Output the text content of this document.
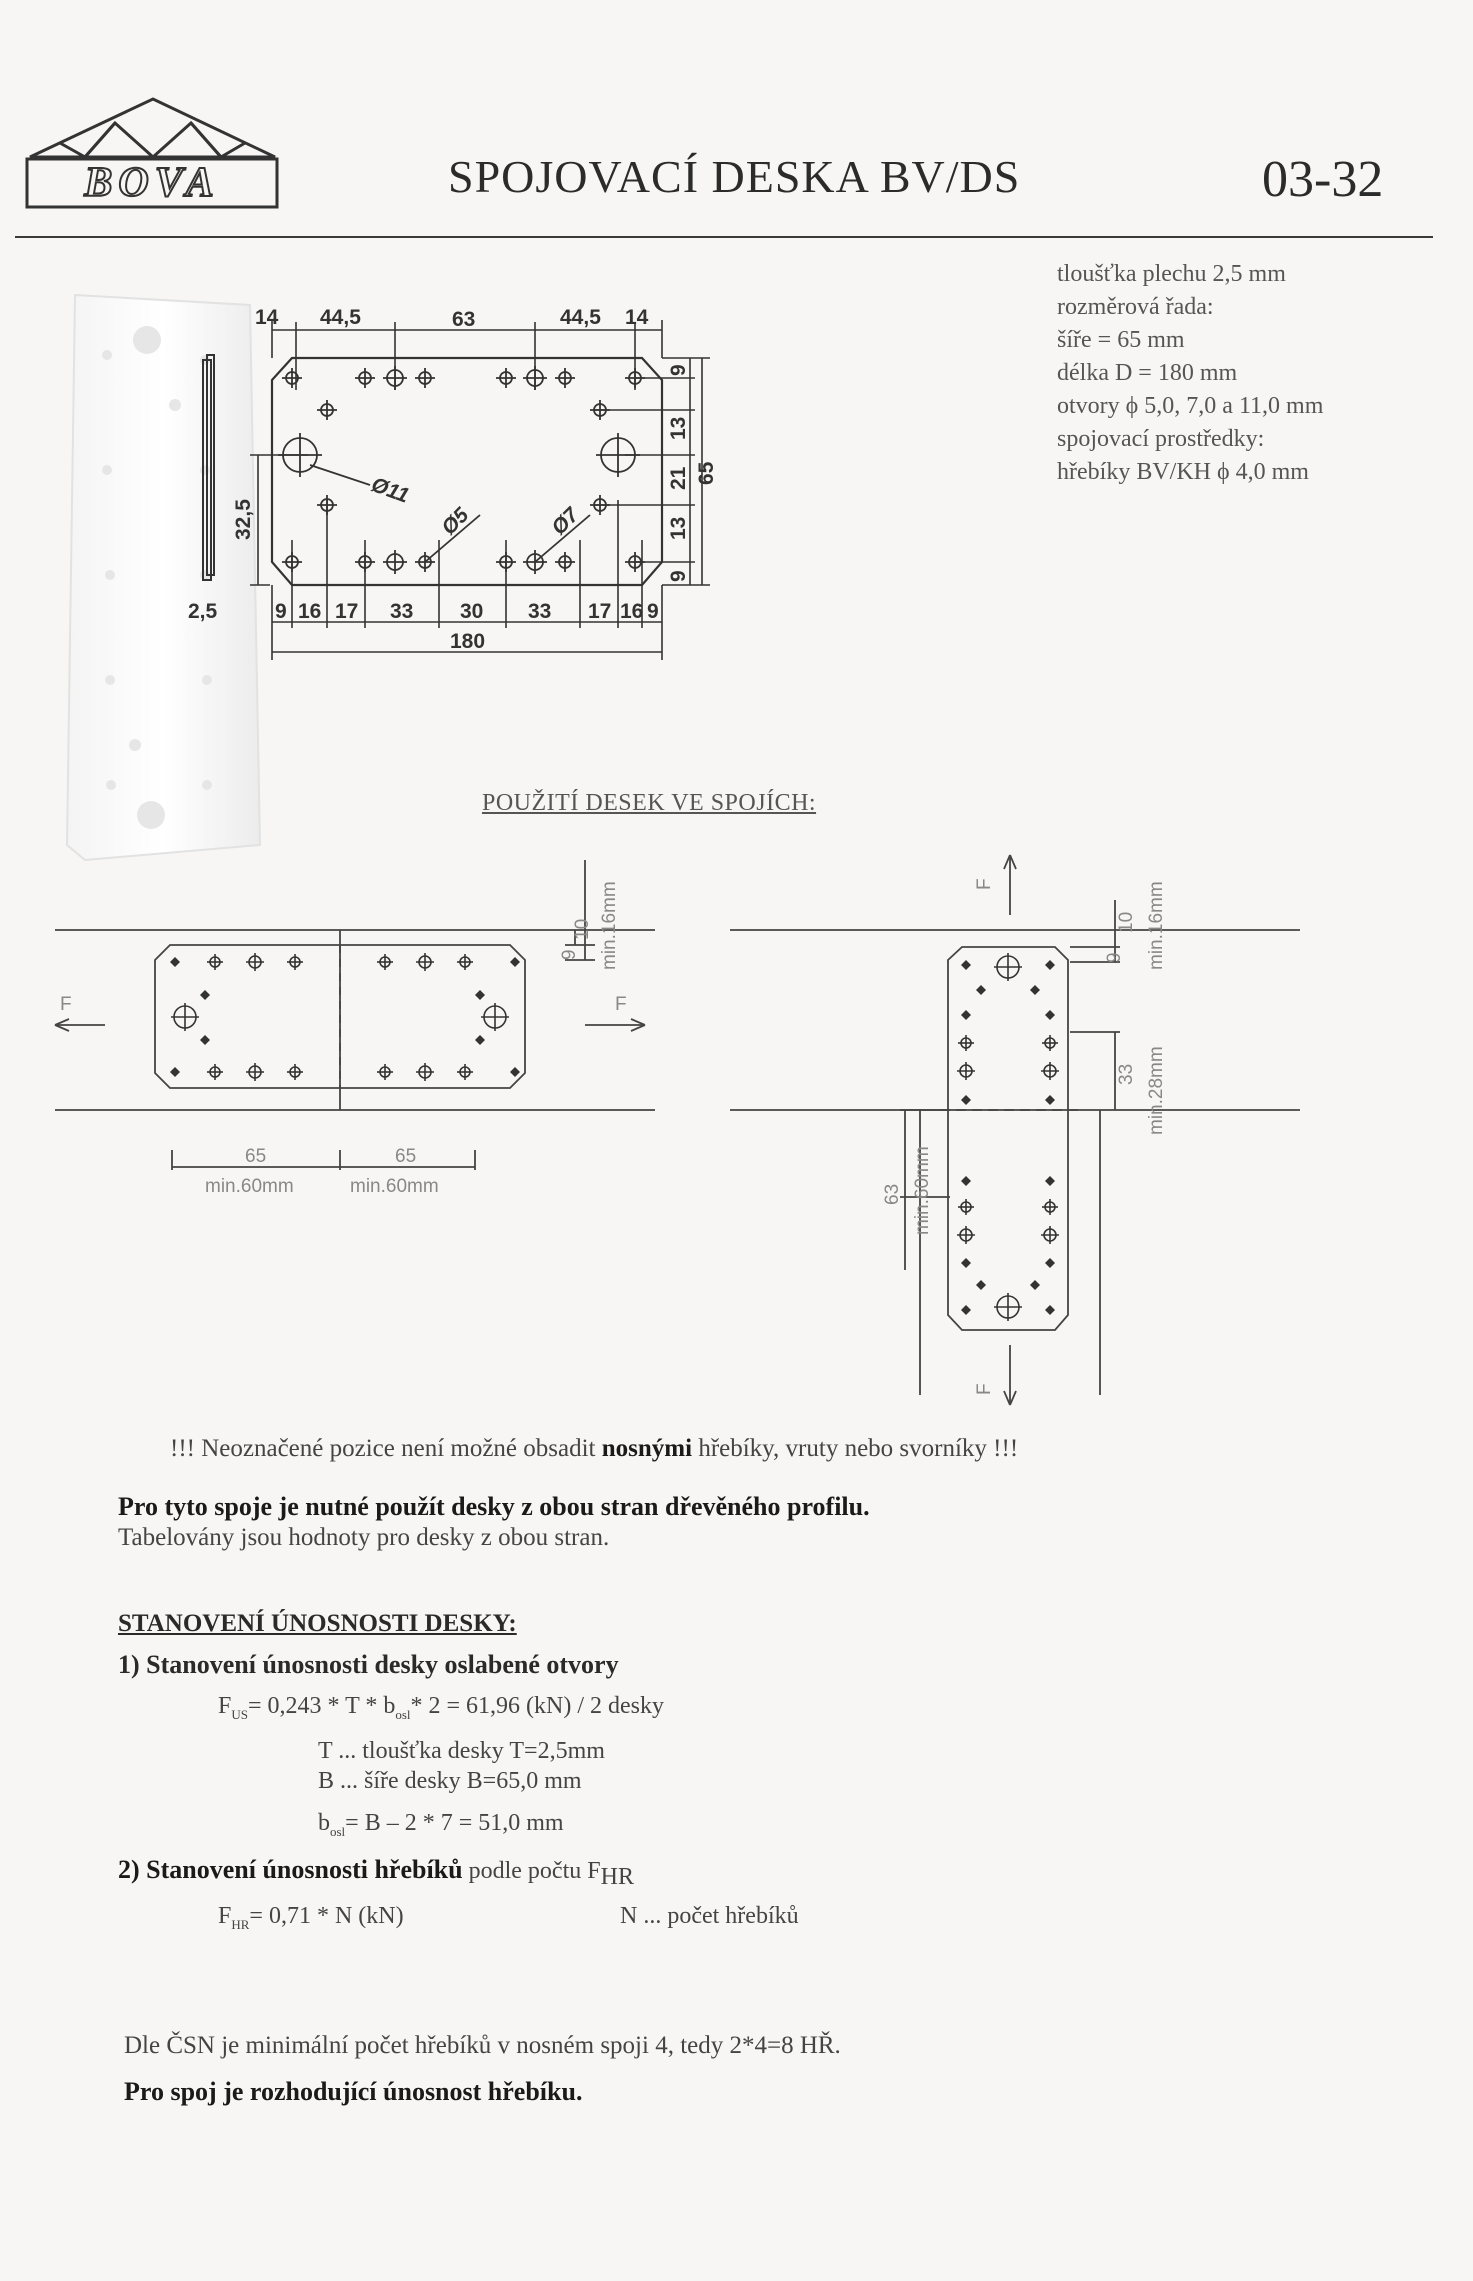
BOVA	SPOJOVACÍ DESKA BV/DS	03-32
tloušťka plechu 2,5 mm
rozměrová řada:
šíře = 65 mm
délka D = 180 mm
otvory ϕ 5,0, 7,0 a 11,0 mm
spojovací prostředky:
hřebíky BV/KH ϕ 4,0 mm
14 44,5	63	44,5 14
9 16 17 33 30 33 17 16 9
180
2,5
32,5
9
13
21
13
9
65
Ø11
Ø5	Ø7
POUŽITÍ DESEK VE SPOJÍCH:
F	F
10
9 min.16mm
65	65
min.60mm	min.60mm
F
F
10
9 min.16mm
33 min.28mm
63 min.60mm
!!! Neoznačené pozice není možné obsadit nosnými hřebíky, vruty nebo svorníky !!!
Pro tyto spoje je nutné použít desky z obou stran dřevěného profilu.
Tabelovány jsou hodnoty pro desky z obou stran.
STANOVENÍ ÚNOSNOSTI DESKY:
1) Stanovení únosnosti desky oslabené otvory
$F_{US}= 0,243 * T * b_{osl}*$ 2 = 61,96 (kN) / 2 desky
T ... tloušťka desky T=2,5mm
B ... šíře desky B=65,0 mm
$b_{osl}= B - 2 * 7 = 51,0$ mm
2) Stanovení únosnosti hřebíků podle počtu $F_{HR}$
$F_{HR}= 0,71 * N$ (kN)	N ... počet hřebíků
Dle ČSN je minimální počet hřebíků v nosném spoji 4, tedy 2*4=8 HŘ.
Pro spoj je rozhodující únosnost hřebíku.
